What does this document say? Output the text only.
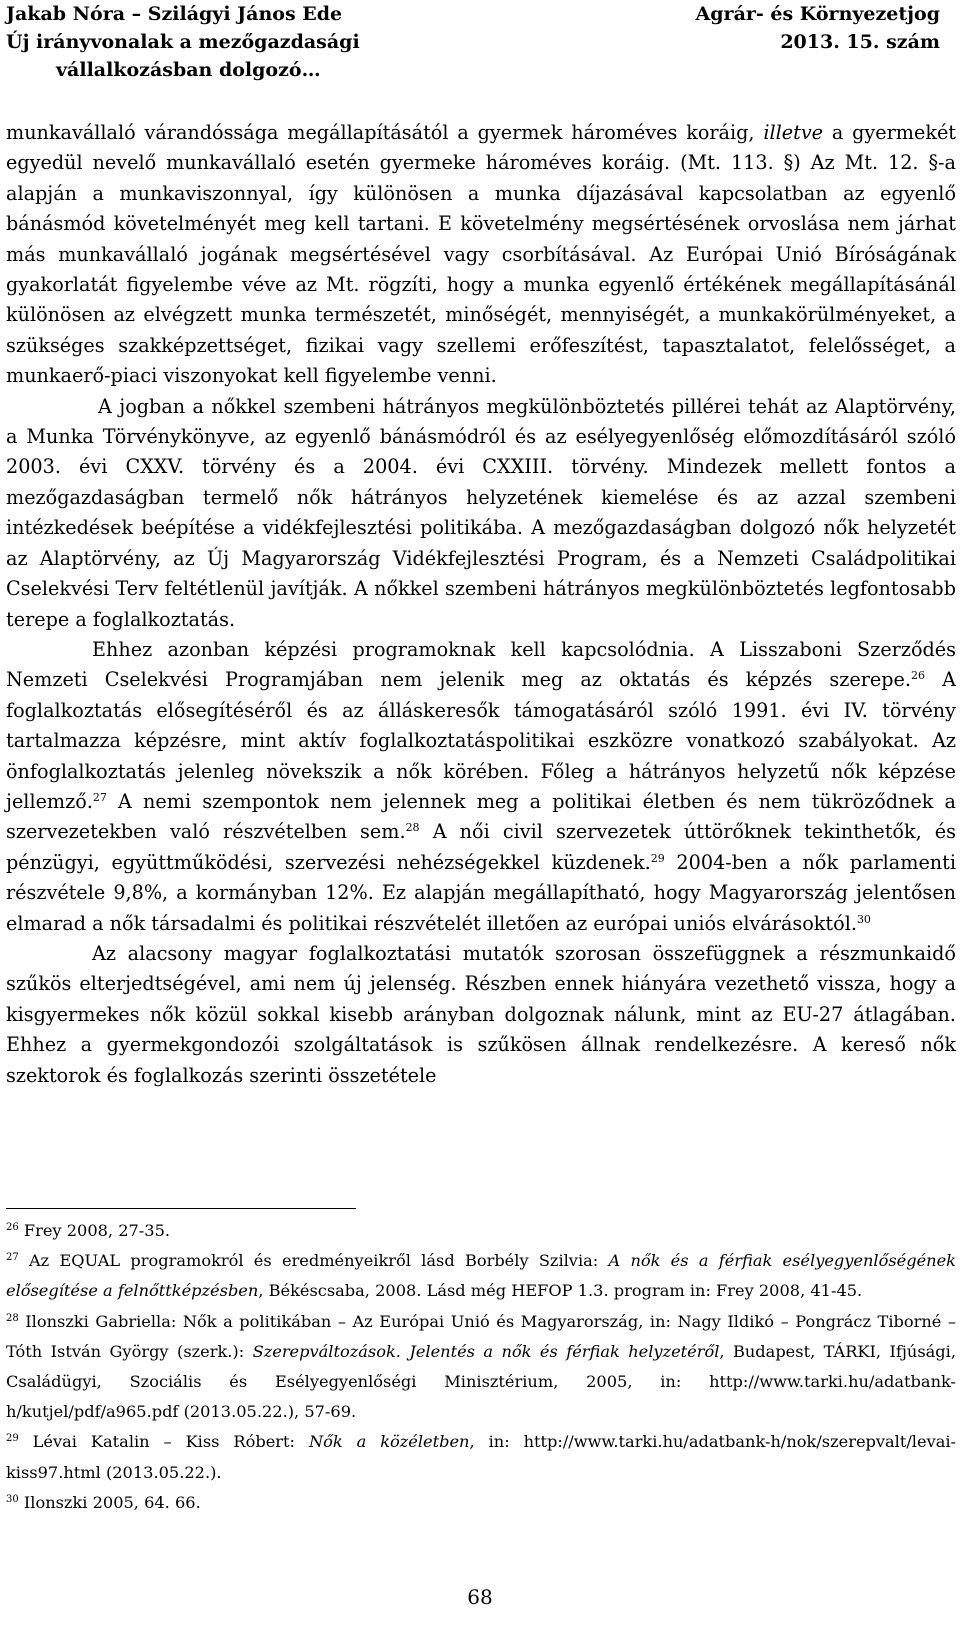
Jakab Nóra – Szilágyi János Ede
Új irányvonalak a mezőgazdasági
vállalkozásban dolgozó…
Agrár- és Környezetjog
2013. 15. szám

munkavállaló várandóssága megállapításától a gyermek hároméves koráig, illetve a gyermekét egyedül nevelő munkavállaló esetén gyermeke hároméves koráig. (Mt. 113. §) Az Mt. 12. §-a alapján a munkaviszonnyal, így különösen a munka díjazásával kapcsolatban az egyenlő bánásmód követelményét meg kell tartani. E követelmény megsértésének orvoslása nem járhat más munkavállaló jogának megsértésével vagy csorbításával. Az Európai Unió Bíróságának gyakorlatát figyelembe véve az Mt. rögzíti, hogy a munka egyenlő értékének megállapításánál különösen az elvégzett munka természetét, minőségét, mennyiségét, a munkakörülményeket, a szükséges szakképzettséget, fizikai vagy szellemi erőfeszítést, tapasztalatot, felelősséget, a munkaerő-piaci viszonyokat kell figyelembe venni.

A jogban a nőkkel szembeni hátrányos megkülönböztetés pillérei tehát az Alaptörvény, a Munka Törvénykönyve, az egyenlő bánásmódról és az esélyegyenlőség előmozdításáról szóló 2003. évi CXXV. törvény és a 2004. évi CXXIII. törvény. Mindezek mellett fontos a mezőgazdaságban termelő nők hátrányos helyzetének kiemelése és az azzal szembeni intézkedések beépítése a vidékfejlesztési politikába. A mezőgazdaságban dolgozó nők helyzetét az Alaptörvény, az Új Magyarország Vidékfejlesztési Program, és a Nemzeti Családpolitikai Cselekvési Terv feltétlenül javítják. A nőkkel szembeni hátrányos megkülönböztetés legfontosabb terepe a foglalkoztatás.

Ehhez azonban képzési programoknak kell kapcsolódnia. A Lisszaboni Szerződés Nemzeti Cselekvési Programjában nem jelenik meg az oktatás és képzés szerepe.$^{26}$ A foglalkoztatás elősegítéséről és az álláskeresők támogatásáról szóló 1991. évi IV. törvény tartalmazza képzésre, mint aktív foglalkoztatáspolitikai eszközre vonatkozó szabályokat. Az önfoglalkoztatás jelenleg növekszik a nők körében. Főleg a hátrányos helyzetű nők képzése jellemző.$^{27}$ A nemi szempontok nem jelennek meg a politikai életben és nem tükröződnek a szervezetekben való részvételben sem.$^{28}$ A női civil szervezetek úttörőknek tekinthetők, és pénzügyi, együttműködési, szervezési nehézségekkel küzdenek.$^{29}$ 2004-ben a nők parlamenti részvétele 9,8%, a kormányban 12%. Ez alapján megállapítható, hogy Magyarország jelentősen elmarad a nők társadalmi és politikai részvételét illetően az európai uniós elvárásoktól.$^{30}$

Az alacsony magyar foglalkoztatási mutatók szorosan összefüggnek a részmunkaidő szűkös elterjedtségével, ami nem új jelenség. Részben ennek hiányára vezethető vissza, hogy a kisgyermekes nők közül sokkal kisebb arányban dolgoznak nálunk, mint az EU-27 átlagában. Ehhez a gyermekgondozói szolgáltatások is szűkösen állnak rendelkezésre. A kereső nők szektorok és foglalkozás szerinti összetétele

$^{26}$ Frey 2008, 27-35.

$^{27}$ Az EQUAL programokról és eredményeikről lásd Borbély Szilvia: A nők és a férfiak esélyegyenlőségének elősegítése a felnőttképzésben, Békéscsaba, 2008. Lásd még HEFOP 1.3. program in: Frey 2008, 41-45.

$^{28}$ Ilonszki Gabriella: Nők a politikában – Az Európai Unió és Magyarország, in: Nagy Ildikó – Pongrácz Tiborné – Tóth István György (szerk.): Szerepváltozások. Jelentés a nők és férfiak helyzetéről, Budapest, TÁRKI, Ifjúsági, Családügyi, Szociális és Esélyegyenlőségi Minisztérium, 2005, in: http://www.tarki.hu/adatbank-h/kutjel/pdf/a965.pdf (2013.05.22.), 57-69.

$^{29}$ Lévai Katalin – Kiss Róbert: Nők a közéletben, in: http://www.tarki.hu/adatbank-h/nok/szerepvalt/levai-kiss97.html (2013.05.22.).

$^{30}$ Ilonszki 2005, 64. 66.

68
